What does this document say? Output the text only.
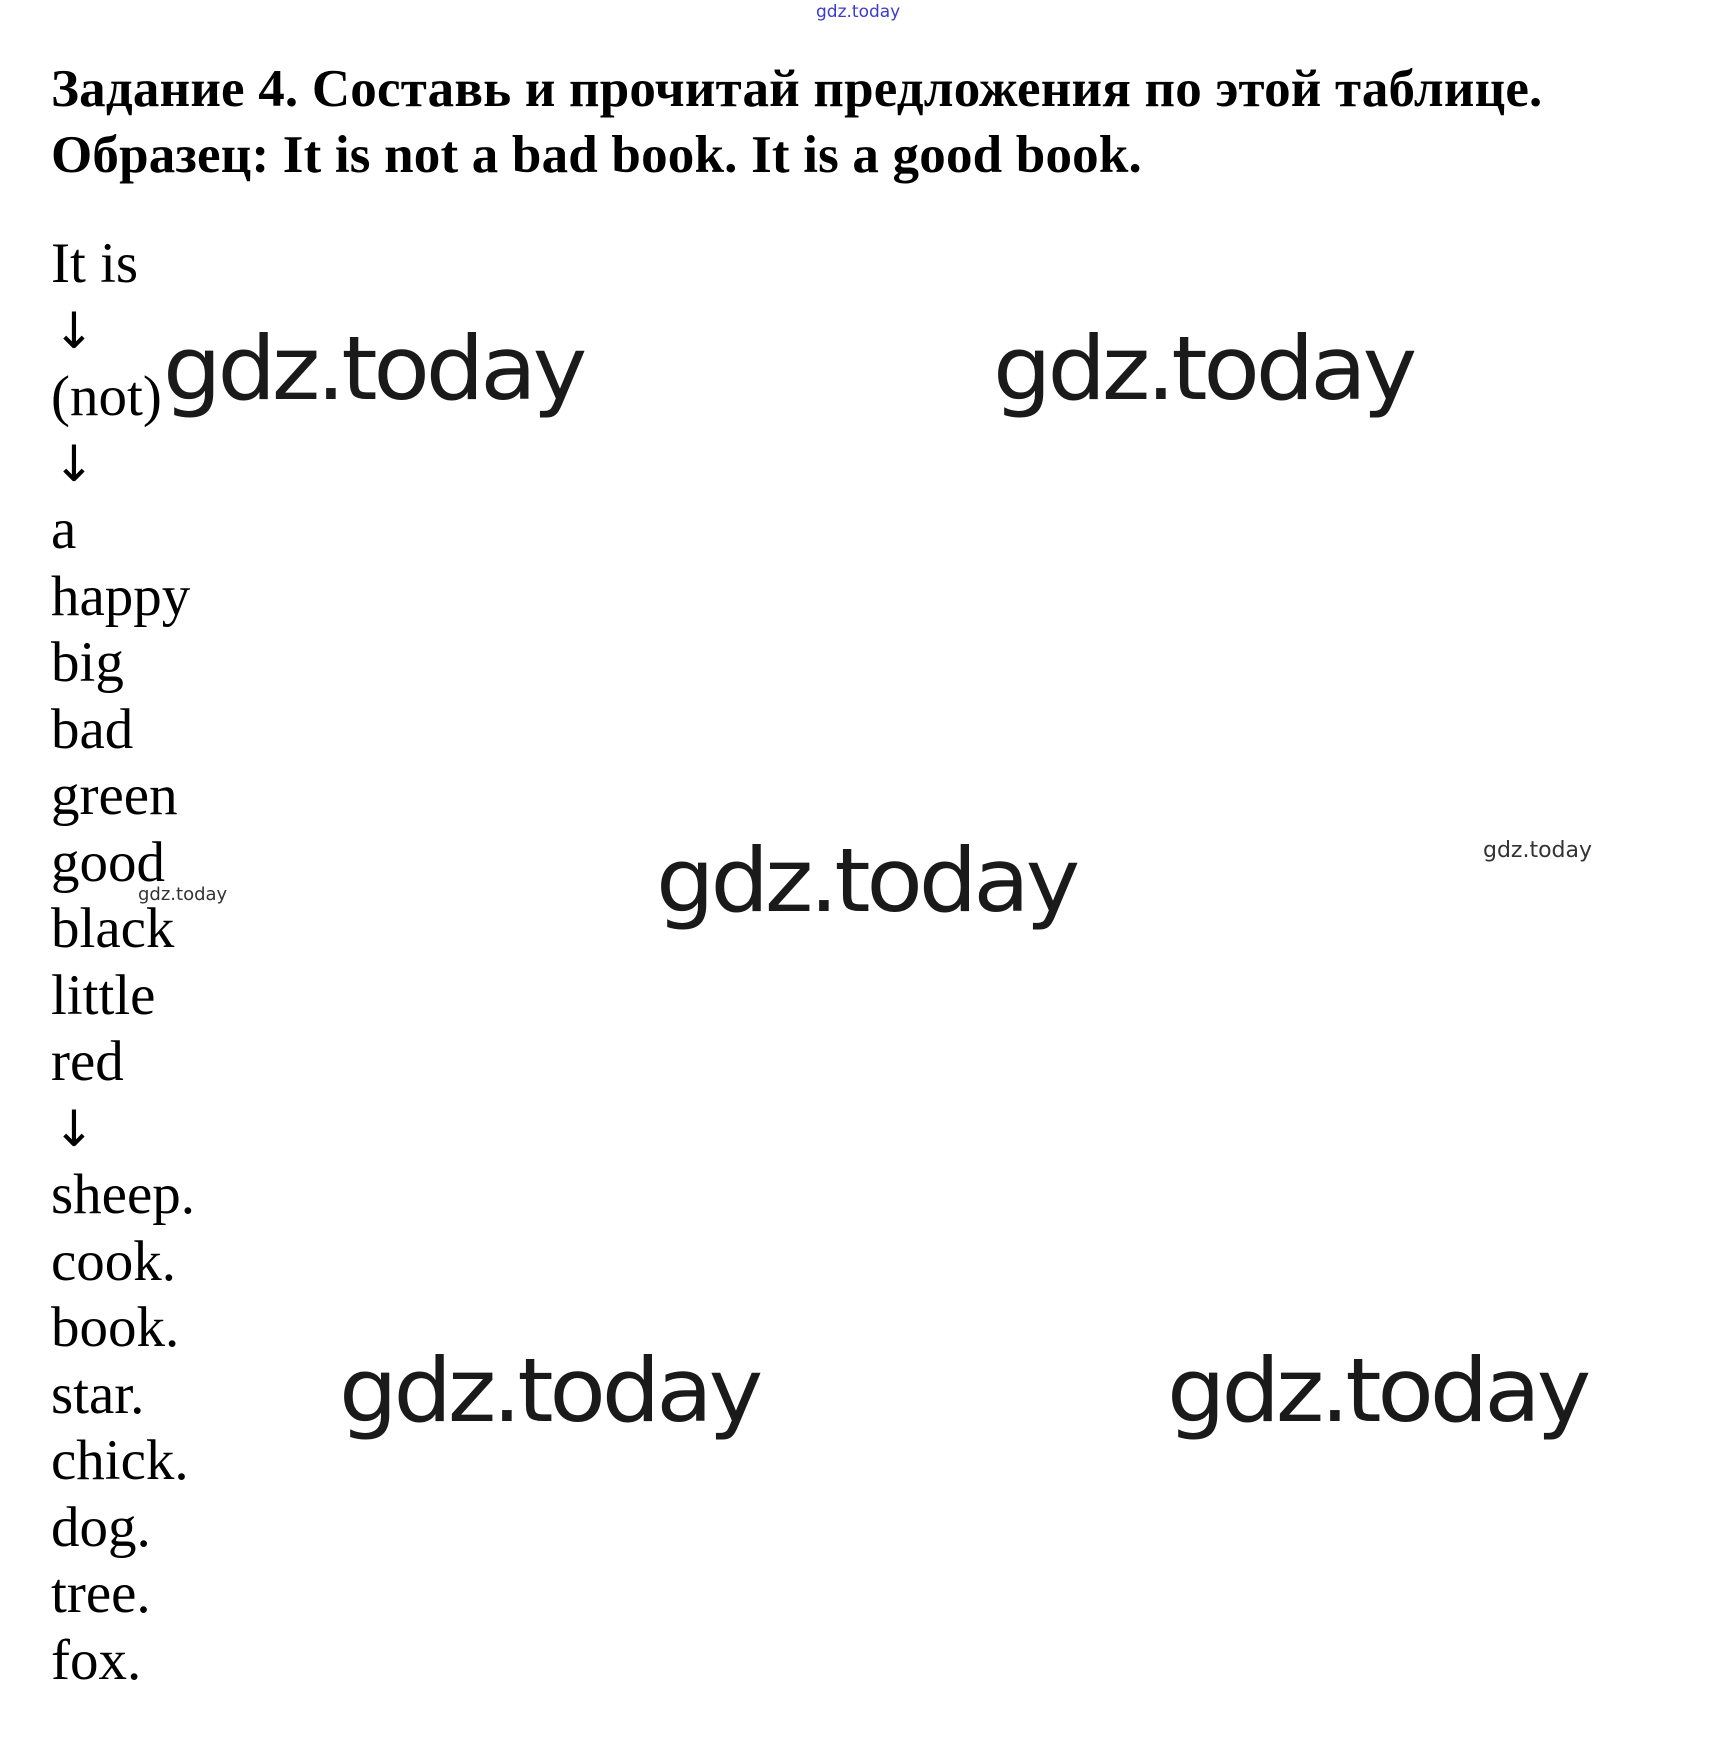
Задание 4. Составь и прочитай предложения по этой таблице.
Образец: It is not a bad book. It is a good book.
It is
↓
(not)
↓
a
happy
big
bad
green
good
black
little
red
↓
sheep.
cook.
book.
star.
chick.
dog.
tree.
fox.
gdz.today
gdz.today	gdz.today
gdz.today	gdz.today
gdz.today
gdz.today	gdz.today
